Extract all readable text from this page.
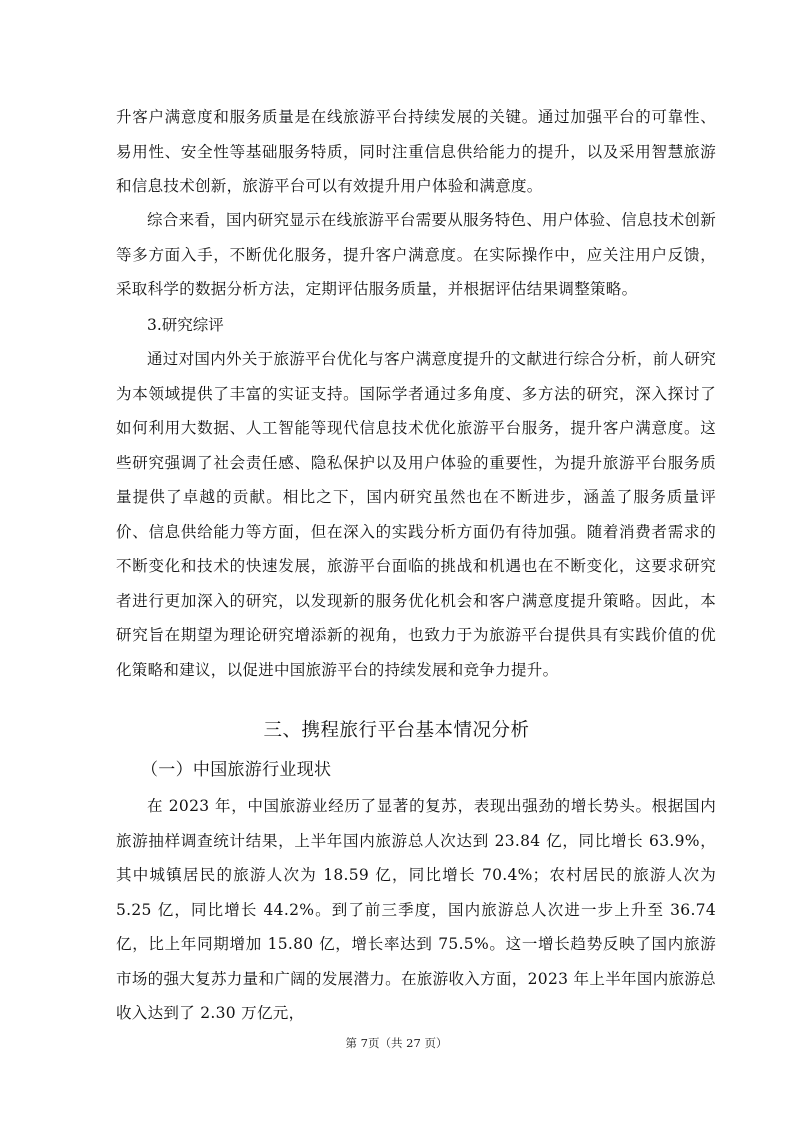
升客户满意度和服务质量是在线旅游平台持续发展的关键。通过加强平台的可靠性、易用性、安全性等基础服务特质，同时注重信息供给能力的提升，以及采用智慧旅游和信息技术创新，旅游平台可以有效提升用户体验和满意度。
综合来看，国内研究显示在线旅游平台需要从服务特色、用户体验、信息技术创新等多方面入手，不断优化服务，提升客户满意度。在实际操作中，应关注用户反馈，采取科学的数据分析方法，定期评估服务质量，并根据评估结果调整策略。
3.研究综评
通过对国内外关于旅游平台优化与客户满意度提升的文献进行综合分析，前人研究为本领域提供了丰富的实证支持。国际学者通过多角度、多方法的研究，深入探讨了如何利用大数据、人工智能等现代信息技术优化旅游平台服务，提升客户满意度。这些研究强调了社会责任感、隐私保护以及用户体验的重要性，为提升旅游平台服务质量提供了卓越的贡献。相比之下，国内研究虽然也在不断进步，涵盖了服务质量评价、信息供给能力等方面，但在深入的实践分析方面仍有待加强。随着消费者需求的不断变化和技术的快速发展，旅游平台面临的挑战和机遇也在不断变化，这要求研究者进行更加深入的研究，以发现新的服务优化机会和客户满意度提升策略。因此，本研究旨在期望为理论研究增添新的视角，也致力于为旅游平台提供具有实践价值的优化策略和建议，以促进中国旅游平台的持续发展和竞争力提升。
三、携程旅行平台基本情况分析
（一）中国旅游行业现状
在 2023 年，中国旅游业经历了显著的复苏，表现出强劲的增长势头。根据国内旅游抽样调查统计结果，上半年国内旅游总人次达到 23.84 亿，同比增长 63.9%，其中城镇居民的旅游人次为 18.59 亿，同比增长 70.4%；农村居民的旅游人次为 5.25 亿，同比增长 44.2%。到了前三季度，国内旅游总人次进一步上升至 36.74 亿，比上年同期增加 15.80 亿，增长率达到 75.5%。这一增长趋势反映了国内旅游市场的强大复苏力量和广阔的发展潜力。在旅游收入方面，2023 年上半年国内旅游总收入达到了 2.30 万亿元，
第 7页（共 27 页）
